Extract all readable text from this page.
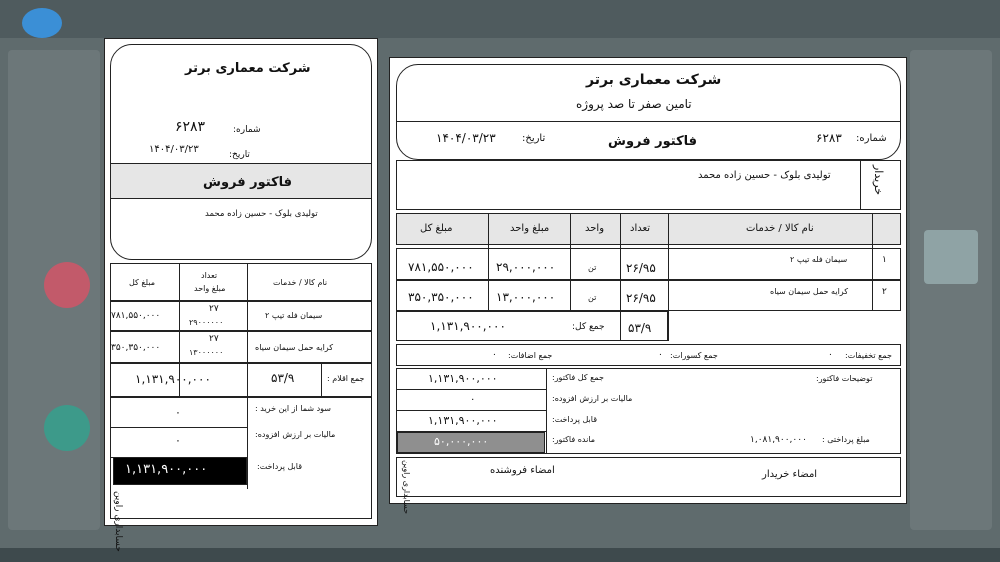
شرکت معماری برتر
شماره:
۶۲۸۳
تاریخ:
۱۴۰۴/۰۳/۲۳
فاکتور فروش
تولیدی بلوک - حسین زاده محمد
نام کالا / خدمات
تعداد
مبلغ واحد
مبلغ کل
سیمان فله تیپ ۲
۲۷
۲۹۰۰۰۰۰۰
۷۸۱,۵۵۰,۰۰۰
کرایه حمل سیمان سیاه
۲۷
۱۳۰۰۰۰۰۰
۳۵۰,۳۵۰,۰۰۰
جمع اقلام :
۵۳/۹
۱,۱۳۱,۹۰۰,۰۰۰
سود شما از این خرید :
۰
مالیات بر ارزش افزوده:
۰
قابل پرداخت:
۱,۱۳۱,۹۰۰,۰۰۰
حسابداری راوین
شرکت معماری برتر
تامین صفر تا صد پروژه
شماره:
۶۲۸۳
فاکتور فروش
تاریخ:
۱۴۰۴/۰۳/۲۳
خریدار
تولیدی بلوک - حسین زاده محمد
نام کالا / خدمات
تعداد
واحد
مبلغ واحد
مبلغ کل
۱
سیمان فله تیپ ۲
۲۶/۹۵
تن
۲۹,۰۰۰,۰۰۰
۷۸۱,۵۵۰,۰۰۰
۲
کرایه حمل سیمان سیاه
۲۶/۹۵
تن
۱۳,۰۰۰,۰۰۰
۳۵۰,۳۵۰,۰۰۰
جمع کل: ۵۳/۹
۱,۱۳۱,۹۰۰,۰۰۰
جمع تخفیفات:
۰
جمع کسورات:
۰
جمع اضافات:
۰
توضیحات فاکتور:
جمع کل فاکتور:
۱,۱۳۱,۹۰۰,۰۰۰
مالیات بر ارزش افزوده:
۰
قابل پرداخت:
۱,۱۳۱,۹۰۰,۰۰۰
مبلغ پرداختی :
۱,۰۸۱,۹۰۰,۰۰۰
مانده فاکتور:
۵۰,۰۰۰,۰۰۰
امضاء خریدار
امضاء فروشنده
حسابداری راوین
